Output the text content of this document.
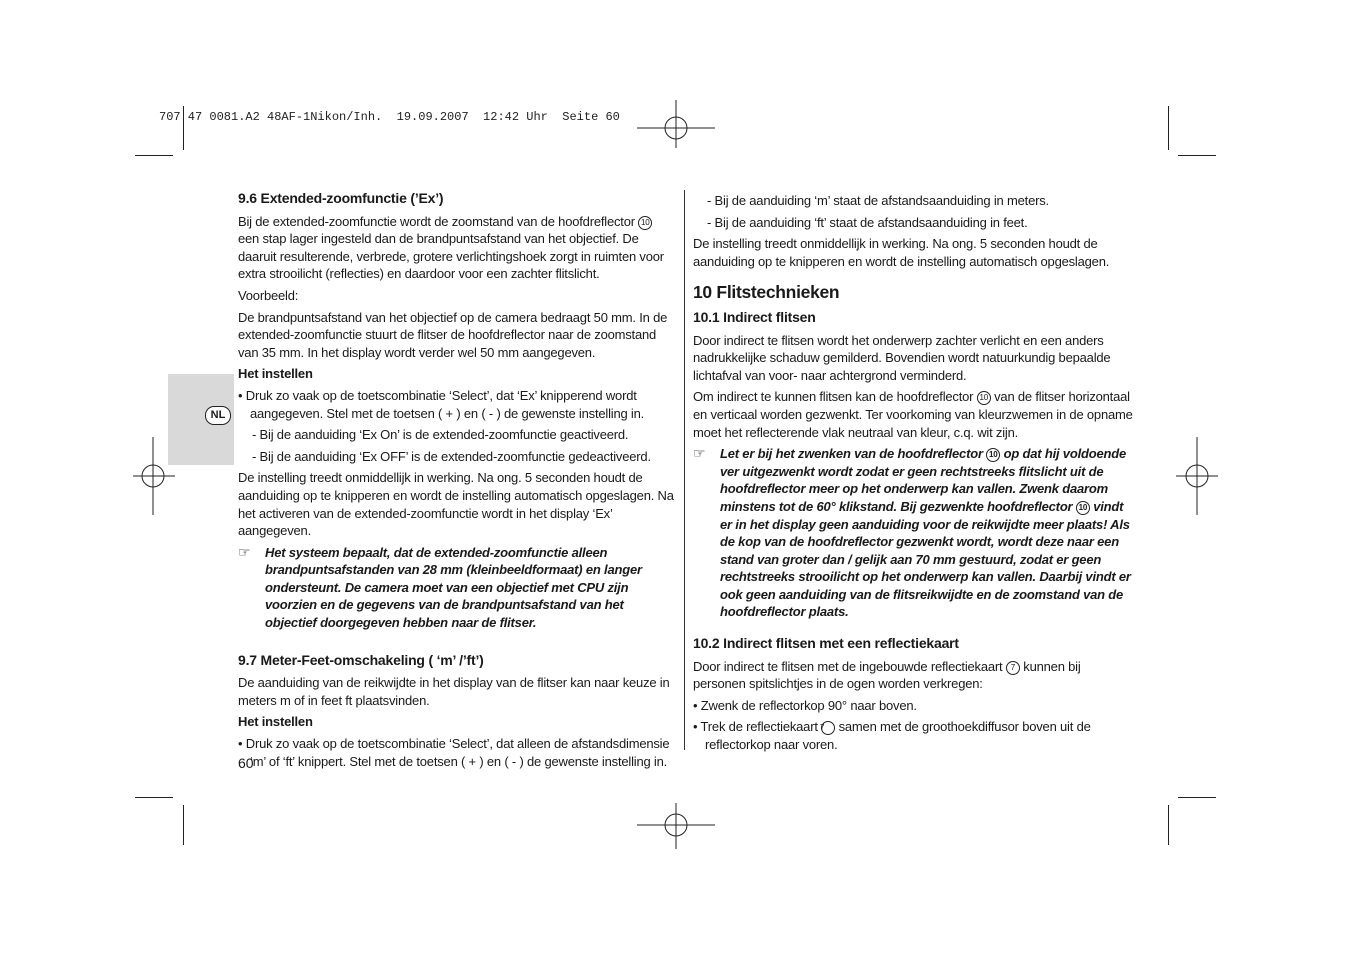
707 47 0081.A2 48AF-1Nikon/Inh.  19.09.2007  12:42 Uhr  Seite 60
NL
9.6 Extended-zoomfunctie (’Ex’)

Bij de extended-zoomfunctie wordt de zoomstand van de hoofdreflector 10 een stap lager ingesteld dan de brandpuntsafstand van het objectief. De daaruit resulterende, verbrede, grotere verlichtingshoek zorgt in ruimten voor extra strooilicht (reflecties) en daardoor voor een zachter flitslicht.

Voorbeeld:

De brandpuntsafstand van het objectief op de camera bedraagt 50 mm. In de extended-zoomfunctie stuurt de flitser de hoofdreflector naar de zoomstand van 35 mm. In het display wordt verder wel 50 mm aangegeven.

Het instellen

• Druk zo vaak op de toetscombinatie ‘Select’, dat ‘Ex’ knipperend wordt aangegeven. Stel met de toetsen ( + ) en ( - ) de gewenste instelling in.

- Bij de aanduiding ‘Ex On’ is de extended-zoomfunctie geactiveerd.

- Bij de aanduiding ‘Ex OFF’ is de extended-zoomfunctie gedeactiveerd.

De instelling treedt onmiddellijk in werking. Na ong. 5 seconden houdt de aanduiding op te knipperen en wordt de instelling automatisch opgeslagen. Na het activeren van de extended-zoomfunctie wordt in het display ‘Ex’ aangegeven.

☞	Het systeem bepaalt, dat de extended-zoomfunctie alleen brandpuntsafstanden van 28 mm (kleinbeeldformaat) en langer ondersteunt. De camera moet van een objectief met CPU zijn voorzien en de gegevens van de brandpuntsafstand van het objectief doorgegeven hebben naar de flitser.
9.7 Meter-Feet-omschakeling ( ‘m’ /’ft’)

De aanduiding van de reikwijdte in het display van de flitser kan naar keuze in meters m of in feet ft plaatsvinden.

Het instellen

• Druk zo vaak op de toetscombinatie ‘Select’, dat alleen de afstandsdimensie ‘m’ of ‘ft’ knippert. Stel met de toetsen ( + ) en ( - ) de gewenste instelling in.

60

- Bij de aanduiding ‘m’ staat de afstandsaanduiding in meters.

- Bij de aanduiding ‘ft’ staat de afstandsaanduiding in feet.

De instelling treedt onmiddellijk in werking. Na ong. 5 seconden houdt de aanduiding op te knipperen en wordt de instelling automatisch opgeslagen.

10 Flitstechnieken
10.1 Indirect flitsen

Door indirect te flitsen wordt het onderwerp zachter verlicht en een anders nadrukkelijke schaduw gemilderd. Bovendien wordt natuurkundig bepaalde lichtafval van voor- naar achtergrond verminderd.

Om indirect te kunnen flitsen kan de hoofdreflector 10 van de flitser horizontaal en verticaal worden gezwenkt. Ter voorkoming van kleurzwemen in de opname moet het reflecterende vlak neutraal van kleur, c.q. wit zijn.

☞	Let er bij het zwenken van de hoofdreflector 10 op dat hij voldoende ver uitgezwenkt wordt zodat er geen rechtstreeks flitslicht uit de hoofdreflector meer op het onderwerp kan vallen. Zwenk daarom minstens tot de 60° klikstand. Bij gezwenkte hoofdreflector 10 vindt er in het display geen aanduiding voor de reikwijdte meer plaats! Als de kop van de hoofdreflector gezwenkt wordt, wordt deze naar een stand van groter dan / gelijk aan 70 mm gestuurd, zodat er geen rechtstreeks strooilicht op het onderwerp kan vallen. Daarbij vindt er ook geen aanduiding van de flitsreikwijdte en de zoomstand van de hoofdreflector plaats.
10.2 Indirect flitsen met een reflectiekaart

Door indirect te flitsen met de ingebouwde reflectiekaart 7 kunnen bij personen spitslichtjes in de ogen worden verkregen:

• Zwenk de reflectorkop 90° naar boven.

• Trek de reflectiekaart 7 samen met de groothoekdiffusor boven uit de reflectorkop naar voren.
